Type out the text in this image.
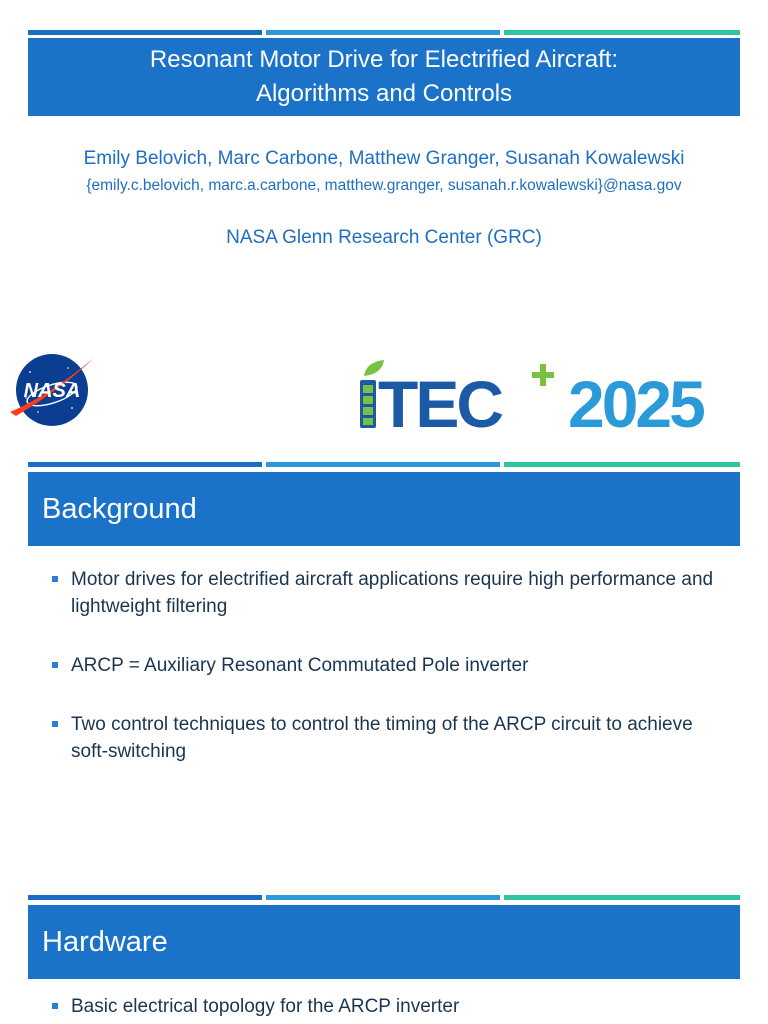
Resonant Motor Drive for Electrified Aircraft:
Algorithms and Controls
Emily Belovich, Marc Carbone, Matthew Granger, Susanah Kowalewski
{emily.c.belovich, marc.a.carbone, matthew.granger, susanah.r.kowalewski}@nasa.gov
NASA Glenn Research Center (GRC)
NASA	TEC 2025
Background
Motor drives for electrified aircraft applications require high performance and lightweight filtering
ARCP = Auxiliary Resonant Commutated Pole inverter
Two control techniques to control the timing of the ARCP circuit to achieve soft-switching
Hardware
Basic electrical topology for the ARCP inverter
